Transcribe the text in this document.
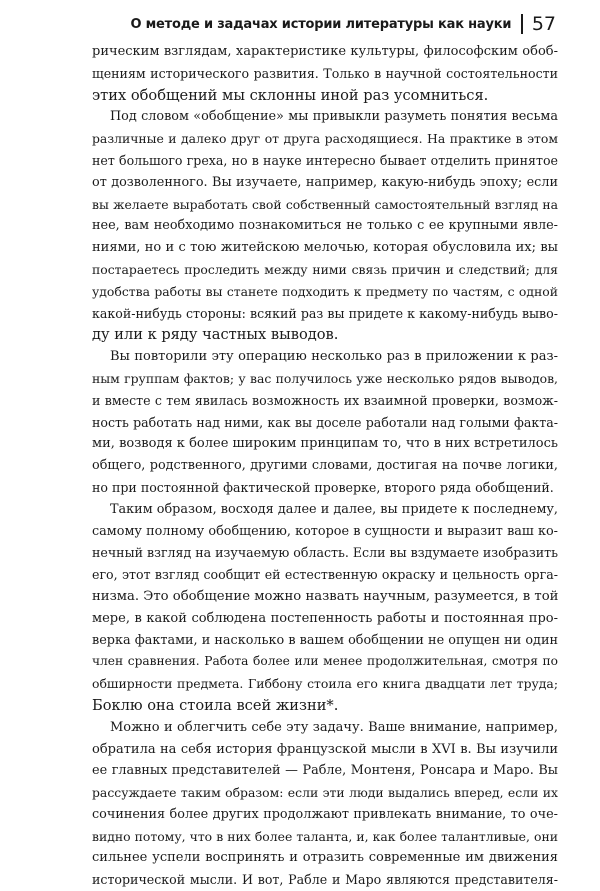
О методе и задачах истории литературы как науки 57
рическим взглядам, характеристике культуры, философским обоб-
щениям исторического развития. Только в научной состоятельности
этих обобщений мы склонны иной раз усомниться.
Под словом «обобщение» мы привыкли разуметь понятия весьма
различные и далеко друг от друга расходящиеся. На практике в этом
нет большого греха, но в науке интересно бывает отделить принятое
от дозволенного. Вы изучаете, например, какую-нибудь эпоху; если
вы желаете выработать свой собственный самостоятельный взгляд на
нее, вам необходимо познакомиться не только с ее крупными явле-
ниями, но и с тою житейскою мелочью, которая обусловила их; вы
постараетесь проследить между ними связь причин и следствий; для
удобства работы вы станете подходить к предмету по частям, с одной
какой-нибудь стороны: всякий раз вы придете к какому-нибудь выво-
ду или к ряду частных выводов.
Вы повторили эту операцию несколько раз в приложении к раз-
ным группам фактов; у вас получилось уже несколько рядов выводов,
и вместе с тем явилась возможность их взаимной проверки, возмож-
ность работать над ними, как вы доселе работали над голыми факта-
ми, возводя к более широким принципам то, что в них встретилось
общего, родственного, другими словами, достигая на почве логики,
но при постоянной фактической проверке, второго ряда обобщений.
Таким образом, восходя далее и далее, вы придете к последнему,
самому полному обобщению, которое в сущности и выразит ваш ко-
нечный взгляд на изучаемую область. Если вы вздумаете изобразить
его, этот взгляд сообщит ей естественную окраску и цельность орга-
низма. Это обобщение можно назвать научным, разумеется, в той
мере, в какой соблюдена постепенность работы и постоянная про-
верка фактами, и насколько в вашем обобщении не опущен ни один
член сравнения. Работа более или менее продолжительная, смотря по
обширности предмета. Гиббону стоила его книга двадцати лет труда;
Боклю она стоила всей жизни*.
Можно и облегчить себе эту задачу. Ваше внимание, например,
обратила на себя история французской мысли в XVI в. Вы изучили
ее главных представителей — Рабле, Монтеня, Ронсара и Маро. Вы
рассуждаете таким образом: если эти люди выдались вперед, если их
сочинения более других продолжают привлекать внимание, то оче-
видно потому, что в них более таланта, и, как более талантливые, они
сильнее успели воспринять и отразить современные им движения
исторической мысли. И вот, Рабле и Маро являются представителя-
